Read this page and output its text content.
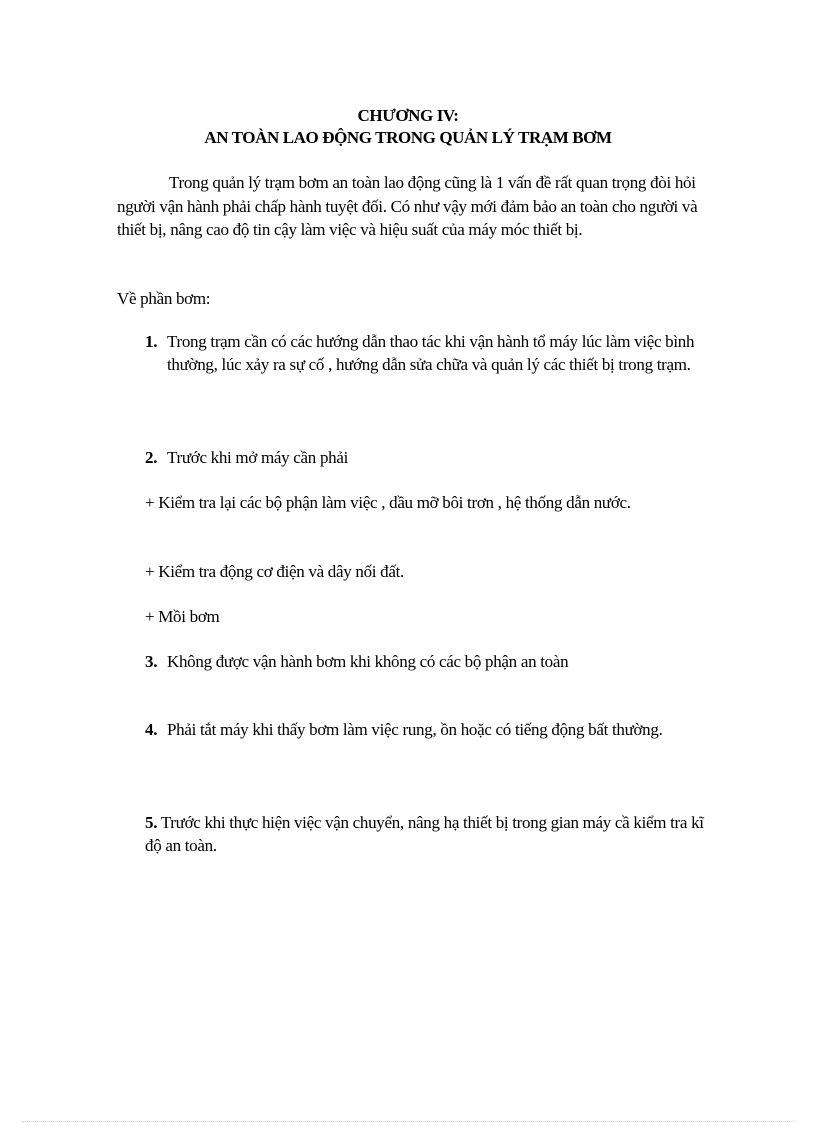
CHƯƠNG IV:
AN TOÀN LAO ĐỘNG TRONG QUẢN LÝ TRẠM BƠM
Trong quản lý trạm bơm an toàn lao động cũng là 1 vấn đề rất quan trọng đòi hỏi người vận hành phải chấp hành tuyệt đối. Có như vậy mới đảm bảo an toàn cho người và thiết bị, nâng cao độ tin cậy làm việc và hiệu suất của máy móc thiết bị.
Về phần bơm:
1. Trong trạm cần có các hướng dẫn thao tác khi vận hành tổ máy lúc làm việc bình thường, lúc xảy ra sự cố , hướng dẫn sửa chữa và quản lý các thiết bị trong trạm.
2. Trước khi mở máy cần phải
+ Kiểm tra lại các bộ phận làm việc , dầu mỡ bôi trơn , hệ thống dẫn nước.
+ Kiểm tra động cơ điện và dây nối đất.
+ Mồi bơm
3. Không được vận hành bơm khi không có các bộ phận an toàn
4. Phải tắt máy khi thấy bơm làm việc rung, ồn hoặc có tiếng động bất thường.
5. Trước khi thực hiện việc vận chuyển, nâng hạ thiết bị trong gian máy cầ kiểm tra kĩ độ an toàn.
